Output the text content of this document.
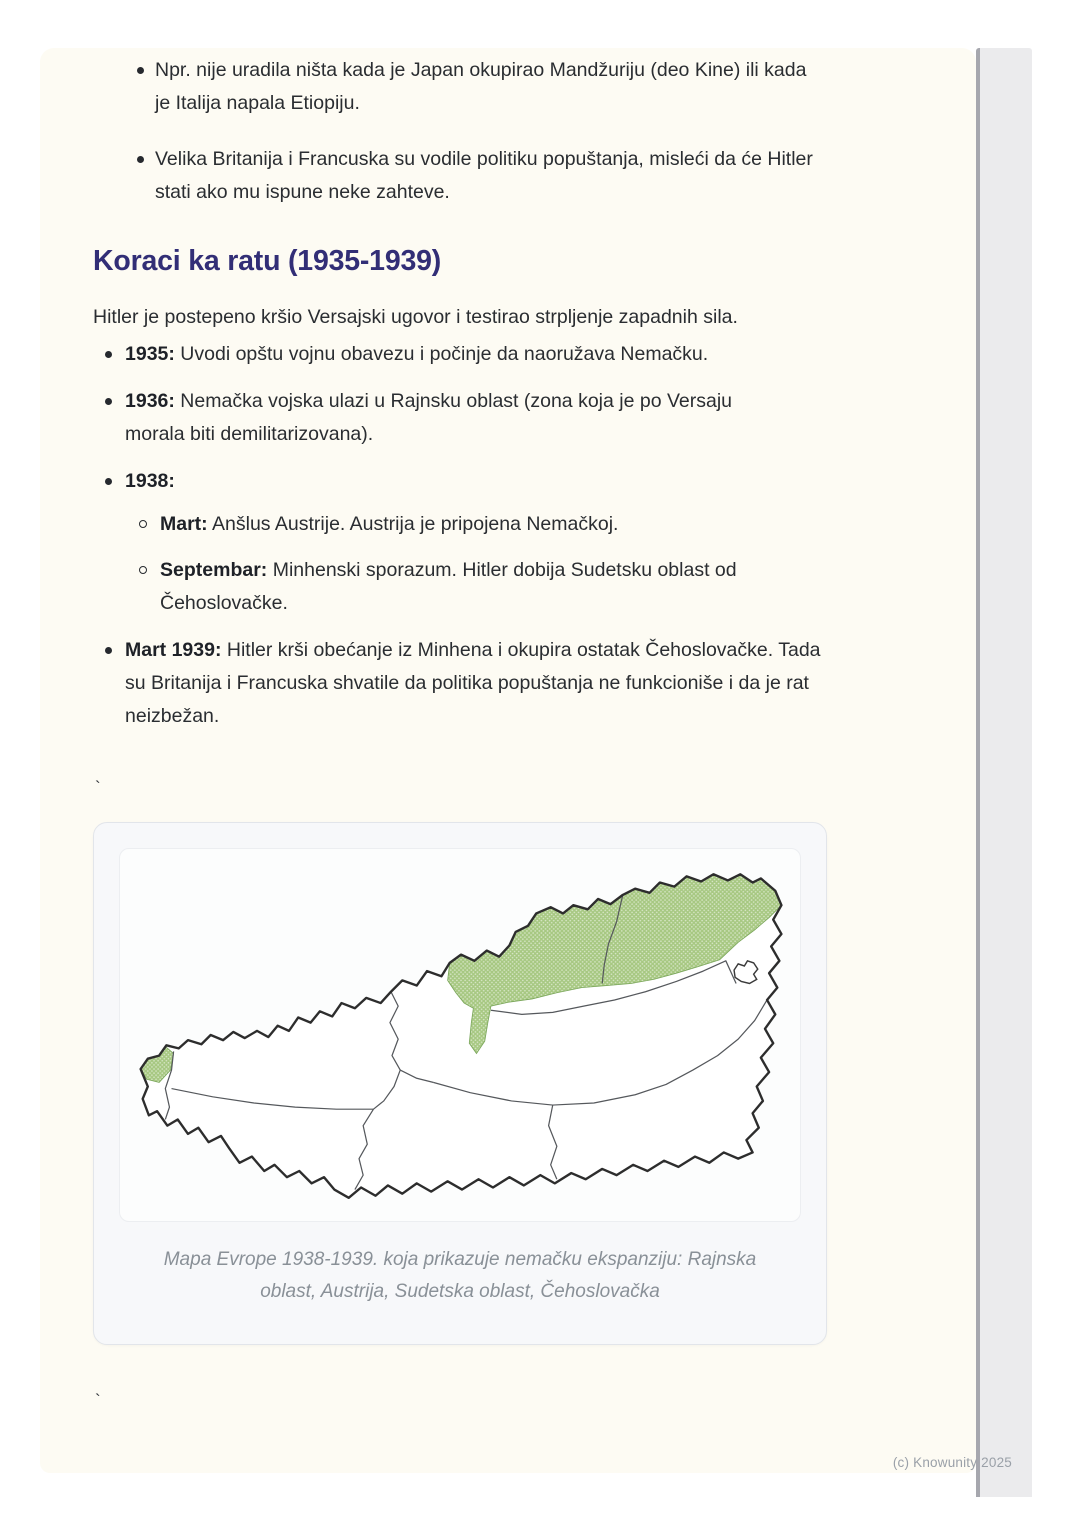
Npr. nije uradila ništa kada je Japan okupirao Mandžuriju (deo Kine) ili kada je Italija napala Etiopiju.
Velika Britanija i Francuska su vodile politiku popuštanja, misleći da će Hitler stati ako mu ispune neke zahteve.
Koraci ka ratu (1935-1939)

Hitler je postepeno kršio Versajski ugovor i testirao strpljenje zapadnih sila.

1935: Uvodi opštu vojnu obavezu i počinje da naoružava Nemačku.
1936: Nemačka vojska ulazi u Rajnsku oblast (zona koja je po Versaju morala biti demilitarizovana).
1938:
Mart: Anšlus Austrije. Austrija je pripojena Nemačkoj.
Septembar: Minhenski sporazum. Hitler dobija Sudetsku oblast od Čehoslovačke.
Mart 1939: Hitler krši obećanje iz Minhena i okupira ostatak Čehoslovačke. Tada su Britanija i Francuska shvatile da politika popuštanja ne funkcioniše i da je rat neizbežan.
`
Mapa Evrope 1938-1939. koja prikazuje nemačku ekspanziju: Rajnska oblast, Austrija, Sudetska oblast, Čehoslovačka
`
(c) Knowunity 2025
